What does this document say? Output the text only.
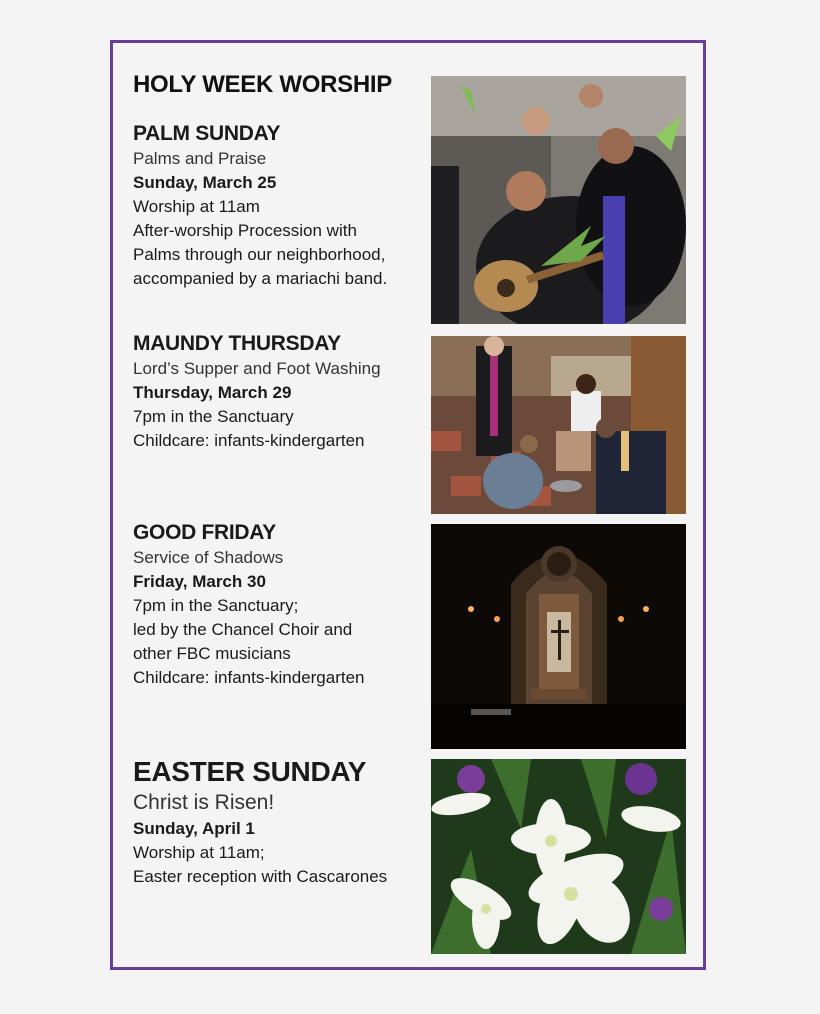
HOLY WEEK WORSHIP

PALM SUNDAY

Palms and Praise

Sunday, March 25

Worship at 11am

After-worship Procession with

Palms through our neighborhood,

accompanied by a mariachi band.

MAUNDY THURSDAY

Lord’s Supper and Foot Washing

Thursday, March 29

7pm in the Sanctuary

Childcare: infants-kindergarten

GOOD FRIDAY

Service of Shadows

Friday, March 30

7pm in the Sanctuary;

led by the Chancel Choir and

other FBC musicians

Childcare: infants-kindergarten

EASTER SUNDAY

Christ is Risen!

Sunday, April 1

Worship at 11am;

Easter reception with Cascarones
